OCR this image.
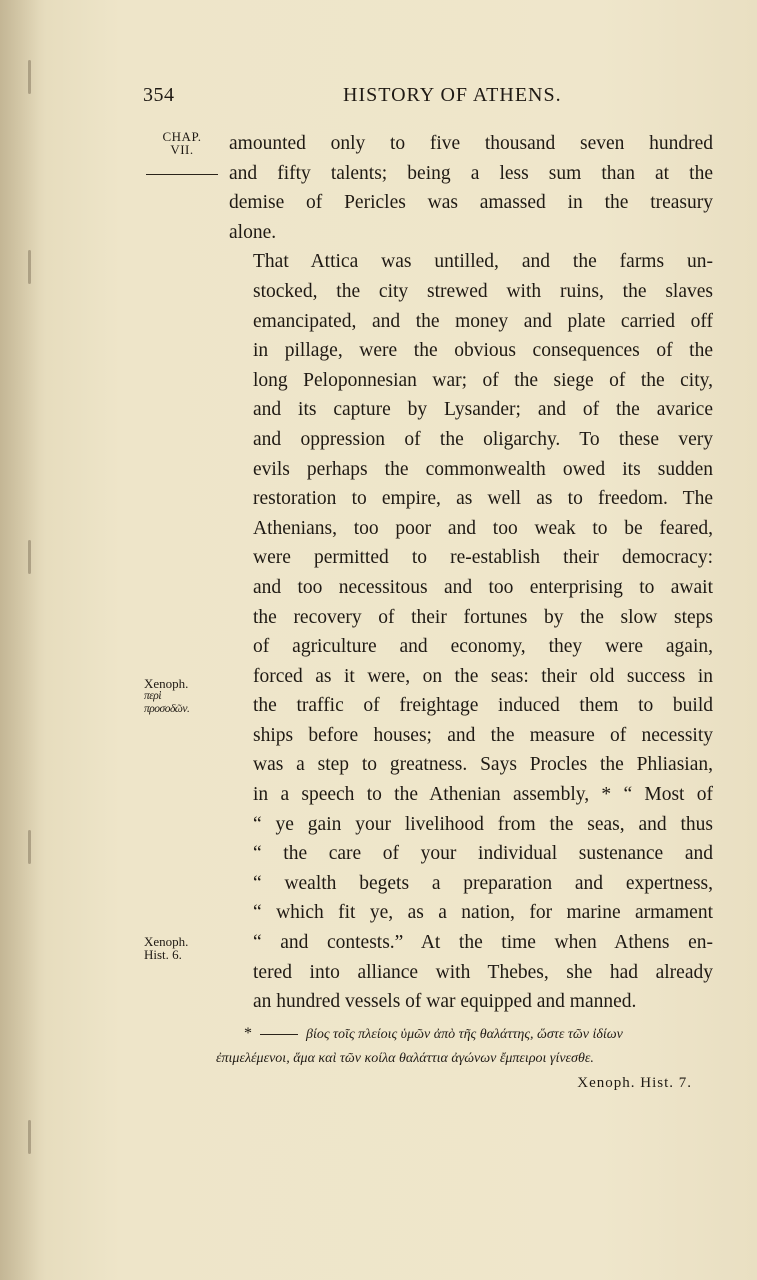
354	HISTORY OF ATHENS.
CHAP.
VII.	amounted only to five thousand seven hundred
and fifty talents; being a less sum than at the
demise of Pericles was amassed in the treasury
alone.

That Attica was untilled, and the farms un-
stocked, the city strewed with ruins, the slaves
emancipated, and the money and plate carried off
in pillage, were the obvious consequences of the
long Peloponnesian war; of the siege of the city,
and its capture by Lysander; and of the avarice
and oppression of the oligarchy. To these very
evils perhaps the commonwealth owed its sudden
restoration to empire, as well as to freedom. The
Athenians, too poor and too weak to be feared,
were permitted to re-establish their democracy:
and too necessitous and too enterprising to await
the recovery of their fortunes by the slow steps
of agriculture and economy, they were again,
forced as it were, on the seas: their old success in
the traffic of freightage induced them to build
ships before houses; and the measure of necessity
was a step to greatness. Says Procles the Phliasian,
in a speech to the Athenian assembly, * “ Most of
“ ye gain your livelihood from the seas, and thus
“ the care of your individual sustenance and
“ wealth begets a preparation and expertness,
“ which fit ye, as a nation, for marine armament
“ and contests.” At the time when Athens en-
tered into alliance with Thebes, she had already
an hundred vessels of war equipped and manned.

Xenoph.
περὶ
πρoσοδῶν.
Xenoph.
Hist. 6.
*	βίος τοῖς πλείοις ὑμῶν ἀπὸ τῆς θαλάττης, ὥστε τῶν ἰδίων
ἐπιμελέμενοι, ἅμα καὶ τῶν κοίλα θαλάττια ἀγώνων ἔμπειροι γίνεσθε.
Xenoph. Hist. 7.
